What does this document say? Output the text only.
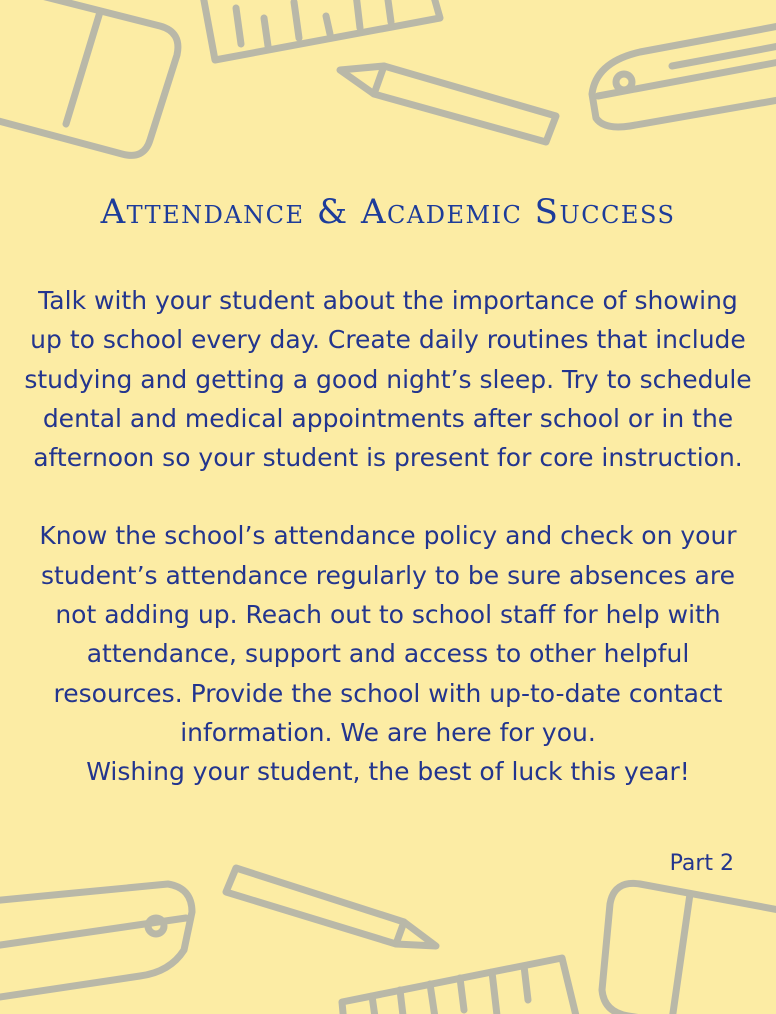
Attendance & Academic Success

Talk with your student about the importance of showing up to school every day. Create daily routines that include studying and getting a good night’s sleep. Try to schedule dental and medical appointments after school or in the afternoon so your student is present for core instruction.

Know the school’s attendance policy and check on your student’s attendance regularly to be sure absences are not adding up. Reach out to school staff for help with attendance, support and access to other helpful resources. Provide the school with up-to-date contact information. We are here for you.

Wishing your student, the best of luck this year!

Part 2
